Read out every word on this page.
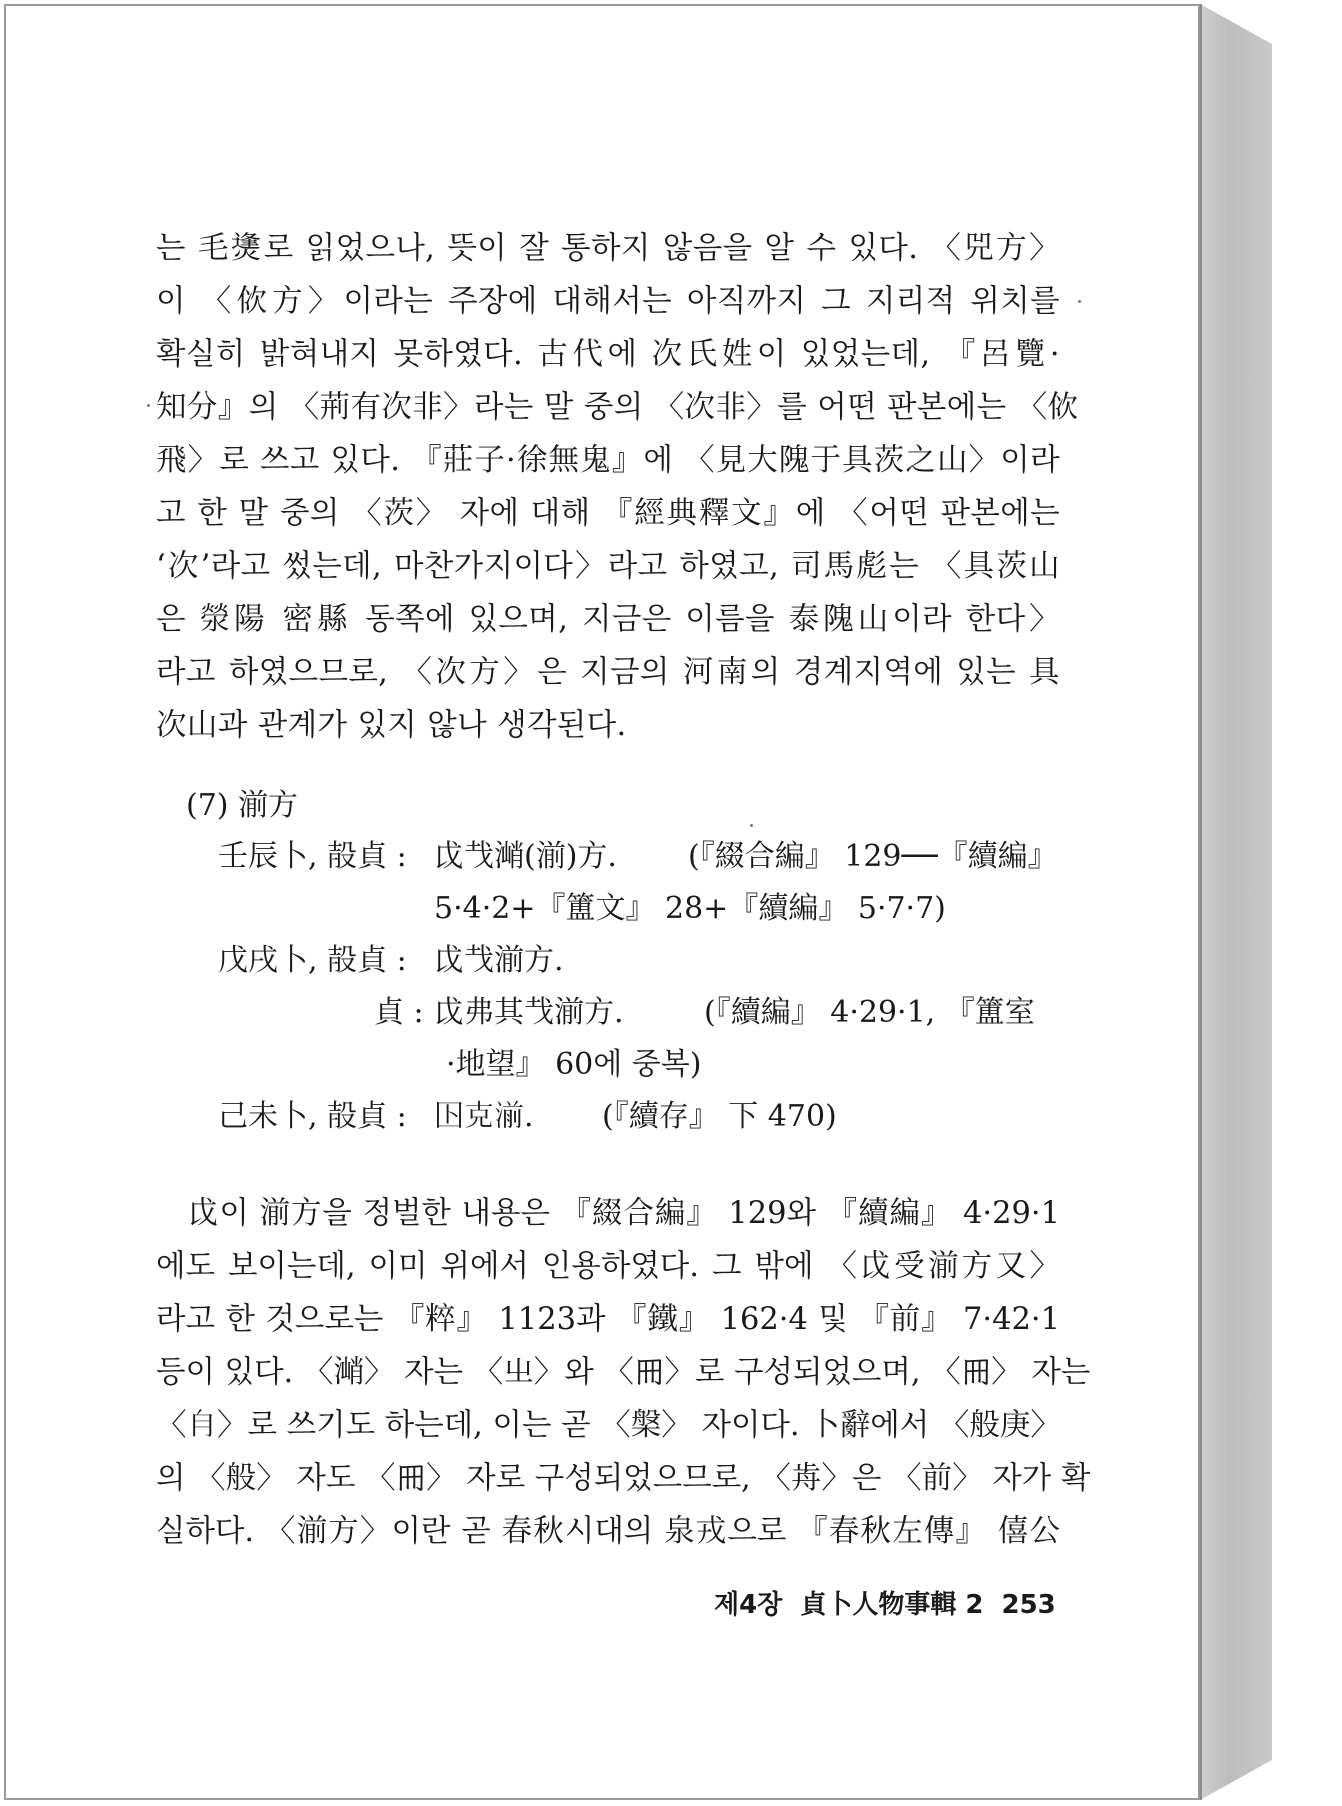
는 毛㷭로 읽었으나, 뜻이 잘 통하지 않음을 알 수 있다. 〈兕方〉
이 〈佽方〉이라는 주장에 대해서는 아직까지 그 지리적 위치를
확실히 밝혀내지 못하였다. 古代에 次氏姓이 있었는데, 『呂覽·
知分』의 〈荊有次非〉라는 말 중의 〈次非〉를 어떤 판본에는 〈佽
飛〉로 쓰고 있다. 『莊子·徐無鬼』에 〈見大隗于具茨之山〉이라
고 한 말 중의 〈茨〉 자에 대해 『經典釋文』에 〈어떤 판본에는
‘次’라고 썼는데, 마찬가지이다〉라고 하였고, 司馬彪는 〈具茨山
은 滎陽 密縣 동쪽에 있으며, 지금은 이름을 泰隗山이라 한다〉
라고 하였으므로, 〈次方〉은 지금의 河南의 경계지역에 있는 具
次山과 관계가 있지 않나 생각된다.
(7) 湔方
壬辰卜, 㱿貞 : 戉𢦏㴥(湔)方. (『綴合編』 129──『續編』
5·4·2+『簠文』 28+『續編』 5·7·7)
戊戌卜, 㱿貞 : 戉𢦏湔方.
貞 : 戉弗其𢦏湔方.	(『續編』 4·29·1, 『簠室
·地望』 60에 중복)
己未卜, 㱿貞 : 𡆥克湔. (『續存』 下 470)
戉이 湔方을 정벌한 내용은 『綴合編』 129와 『續編』 4·29·1
에도 보이는데, 이미 위에서 인용하였다. 그 밖에 〈戉受湔方又〉
라고 한 것으로는 『粹』 1123과 『鐵』 162·4 및 『前』 7·42·1
등이 있다. 〈㴥〉 자는 〈㞢〉와 〈𠕁〉로 구성되었으며, 〈𠕁〉 자는
〈𣍝〉로 쓰기도 하는데, 이는 곧 〈槃〉 자이다. 卜辭에서 〈般庚〉
의 〈般〉 자도 〈𠕁〉 자로 구성되었으므로, 〈歬〉은 〈前〉 자가 확
실하다. 〈湔方〉이란 곧 春秋시대의 泉戎으로 『春秋左傳』 僖公
제4장 貞卜人物事輯 2 253
